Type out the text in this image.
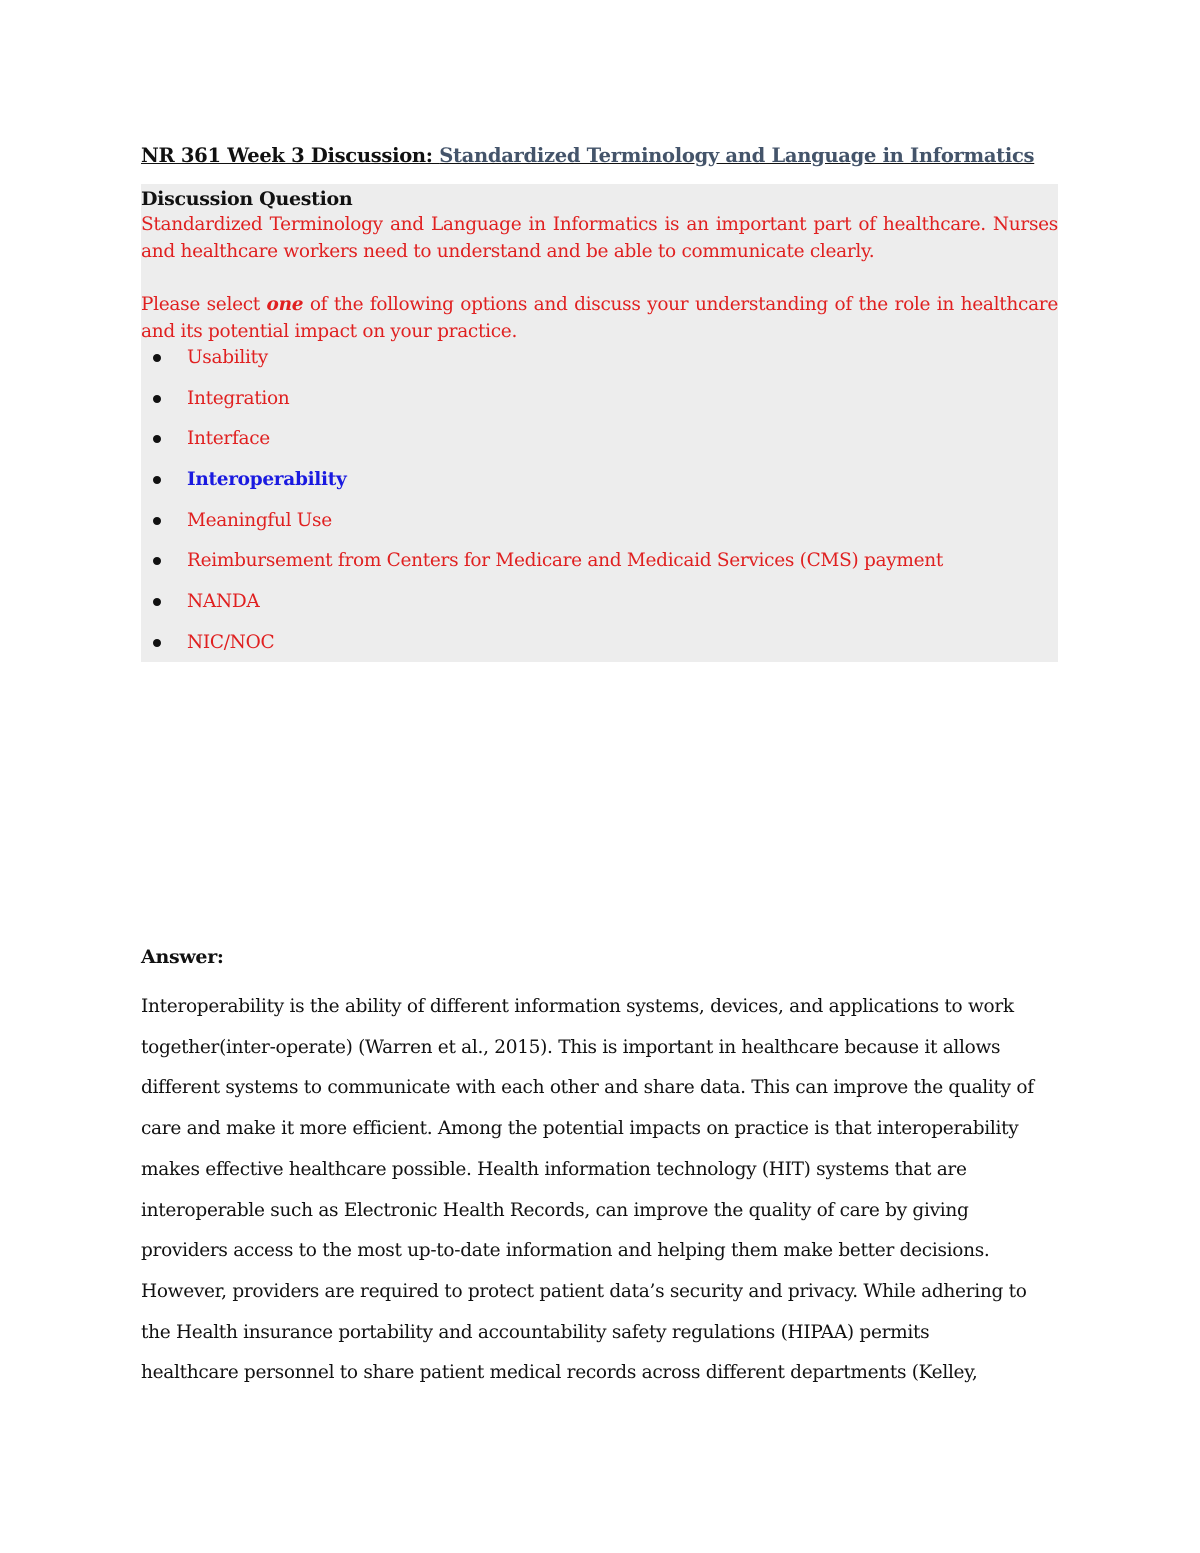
NR 361 Week 3 Discussion: Standardized Terminology and Language in Informatics
Discussion Question
Standardized Terminology and Language in Informatics is an important part of healthcare. Nurses and healthcare workers need to understand and be able to communicate clearly.
Please select one of the following options and discuss your understanding of the role in healthcare and its potential impact on your practice.
Usability
Integration
Interface
Interoperability
Meaningful Use
Reimbursement from Centers for Medicare and Medicaid Services (CMS) payment
NANDA
NIC/NOC
Answer:
Interoperability is the ability of different information systems, devices, and applications to work
together(inter-operate) (Warren et al., 2015). This is important in healthcare because it allows
different systems to communicate with each other and share data. This can improve the quality of
care and make it more efficient. Among the potential impacts on practice is that interoperability
makes effective healthcare possible. Health information technology (HIT) systems that are
interoperable such as Electronic Health Records, can improve the quality of care by giving
providers access to the most up-to-date information and helping them make better decisions.
However, providers are required to protect patient data’s security and privacy. While adhering to
the Health insurance portability and accountability safety regulations (HIPAA) permits
healthcare personnel to share patient medical records across different departments (Kelley,
